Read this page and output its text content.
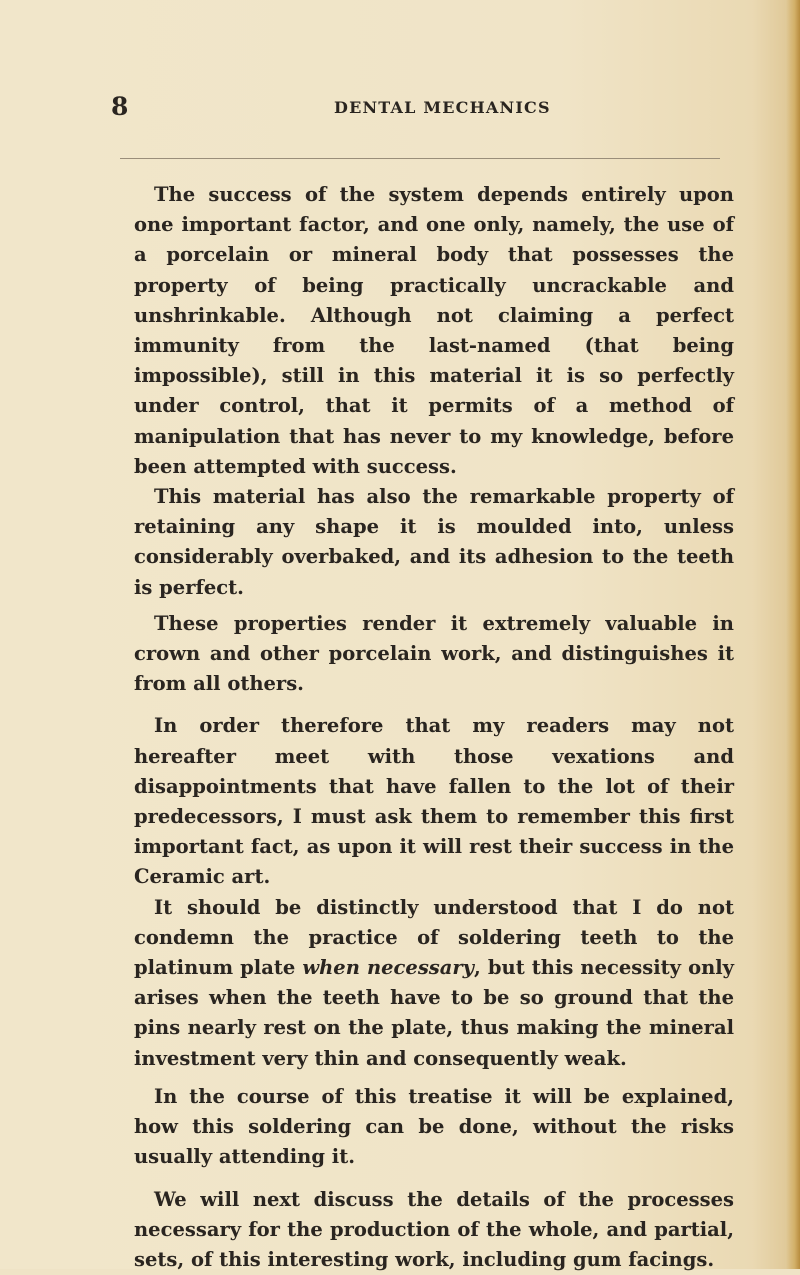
8	DENTAL MECHANICS

The success of the system depends entirely upon one important factor, and one only, namely, the use of a porcelain or mineral body that possesses the property of being practically uncrackable and unshrinkable. Although not claiming a perfect immunity from the last-named (that being impossible), still in this material it is so perfectly under control, that it permits of a method of manipulation that has never to my knowledge, before been attempted with success.

This material has also the remarkable property of retaining any shape it is moulded into, unless considerably overbaked, and its adhesion to the teeth is perfect.

These properties render it extremely valuable in crown and other porcelain work, and distinguishes it from all others.

In order therefore that my readers may not hereafter meet with those vexations and disappointments that have fallen to the lot of their predecessors, I must ask them to remember this first important fact, as upon it will rest their success in the Ceramic art.

It should be distinctly understood that I do not condemn the practice of soldering teeth to the platinum plate when necessary, but this necessity only arises when the teeth have to be so ground that the pins nearly rest on the plate, thus making the mineral investment very thin and consequently weak.

In the course of this treatise it will be explained, how this soldering can be done, without the risks usually attending it.

We will next discuss the details of the processes necessary for the production of the whole, and partial, sets, of this interesting work, including gum facings.
